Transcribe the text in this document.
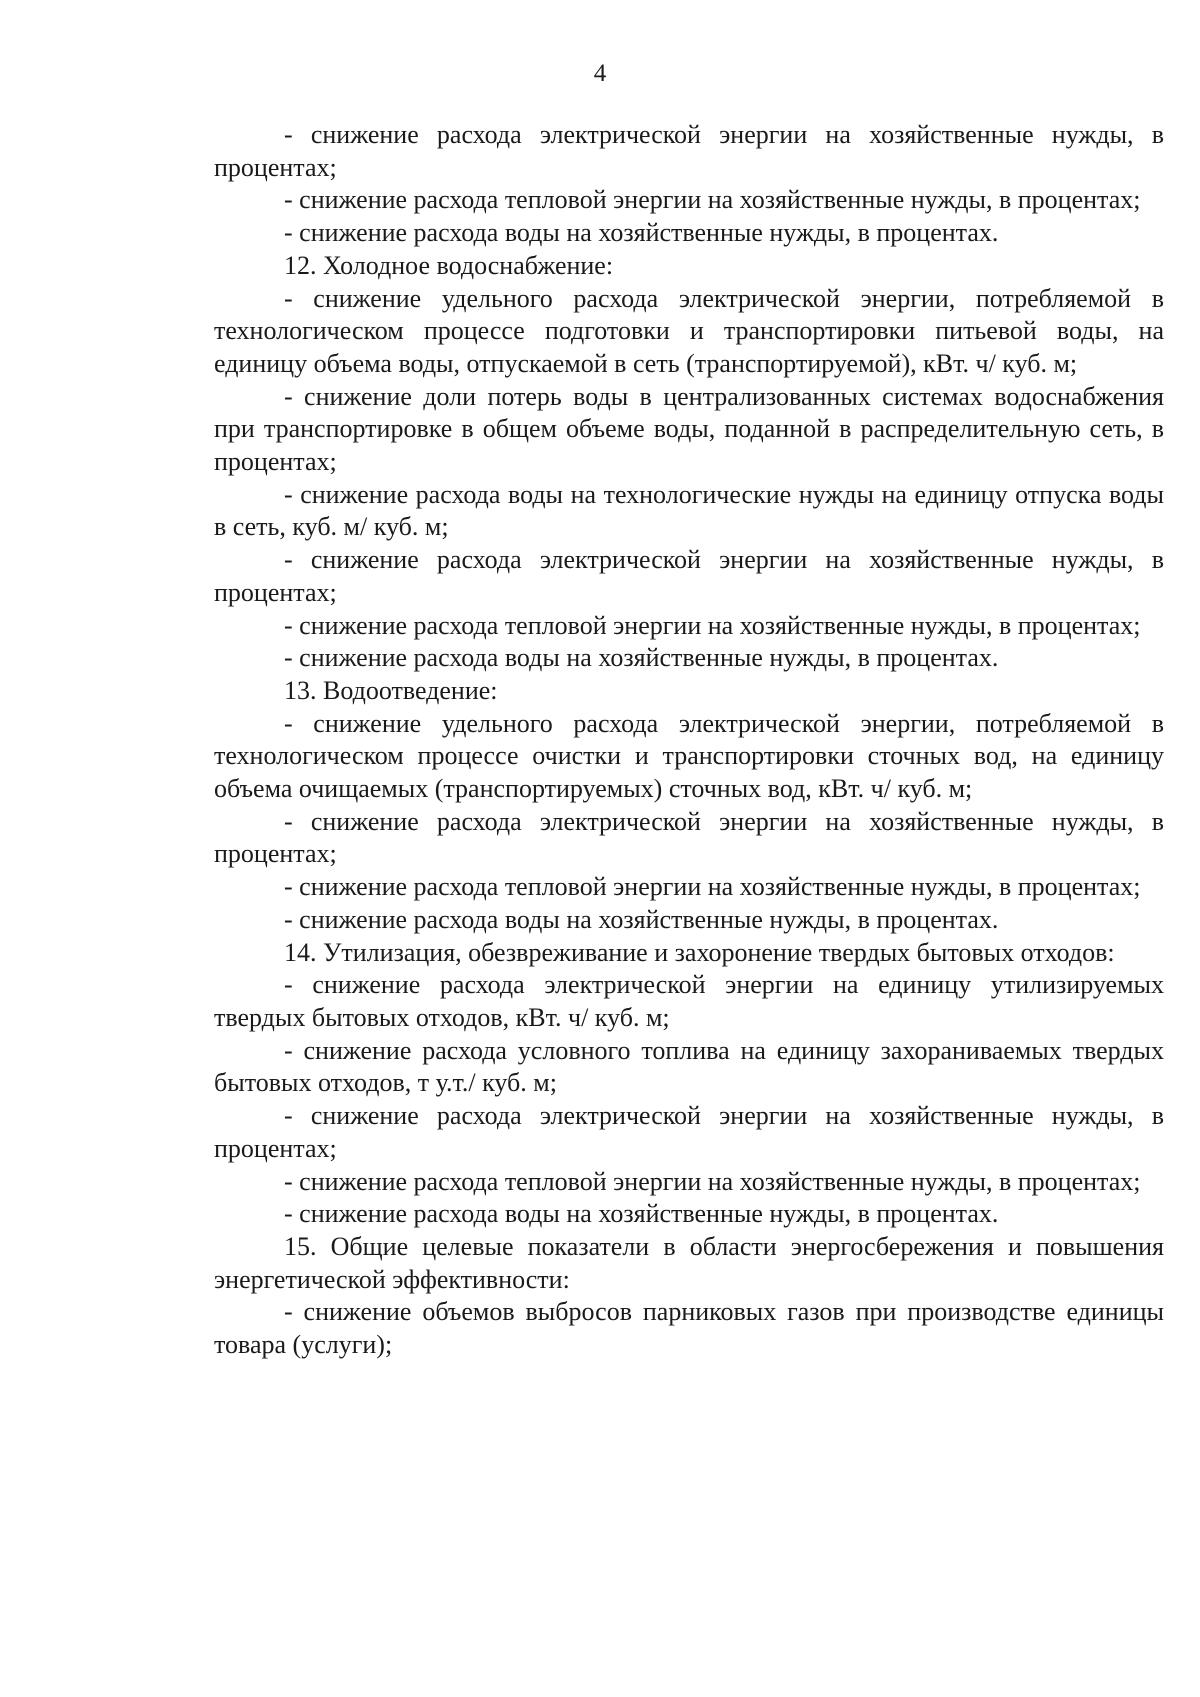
4

- снижение расхода электрической энергии на хозяйственные нужды, в процентах;

- снижение расхода тепловой энергии на хозяйственные нужды, в процентах;

- снижение расхода воды на хозяйственные нужды, в процентах.

12. Холодное водоснабжение:

- снижение удельного расхода электрической энергии, потребляемой в технологическом процессе подготовки и транспортировки питьевой воды, на единицу объема воды, отпускаемой в сеть (транспортируемой), кВт. ч/ куб. м;

- снижение доли потерь воды в централизованных системах водоснабжения при транспортировке в общем объеме воды, поданной в распределительную сеть, в процентах;

- снижение расхода воды на технологические нужды на единицу отпуска воды в сеть, куб. м/ куб. м;

- снижение расхода электрической энергии на хозяйственные нужды, в процентах;

- снижение расхода тепловой энергии на хозяйственные нужды, в процентах;

- снижение расхода воды на хозяйственные нужды, в процентах.

13. Водоотведение:

- снижение удельного расхода электрической энергии, потребляемой в технологическом процессе очистки и транспортировки сточных вод, на единицу объема очищаемых (транспортируемых) сточных вод, кВт. ч/ куб. м;

- снижение расхода электрической энергии на хозяйственные нужды, в процентах;

- снижение расхода тепловой энергии на хозяйственные нужды, в процентах;

- снижение расхода воды на хозяйственные нужды, в процентах.

14. Утилизация, обезвреживание и захоронение твердых бытовых отходов:

- снижение расхода электрической энергии на единицу утилизируемых твердых бытовых отходов, кВт. ч/ куб. м;

- снижение расхода условного топлива на единицу захораниваемых твердых бытовых отходов, т у.т./ куб. м;

- снижение расхода электрической энергии на хозяйственные нужды, в процентах;

- снижение расхода тепловой энергии на хозяйственные нужды, в процентах;

- снижение расхода воды на хозяйственные нужды, в процентах.

15. Общие целевые показатели в области энергосбережения и повышения энергетической эффективности:

- снижение объемов выбросов парниковых газов при производстве единицы товара (услуги);
